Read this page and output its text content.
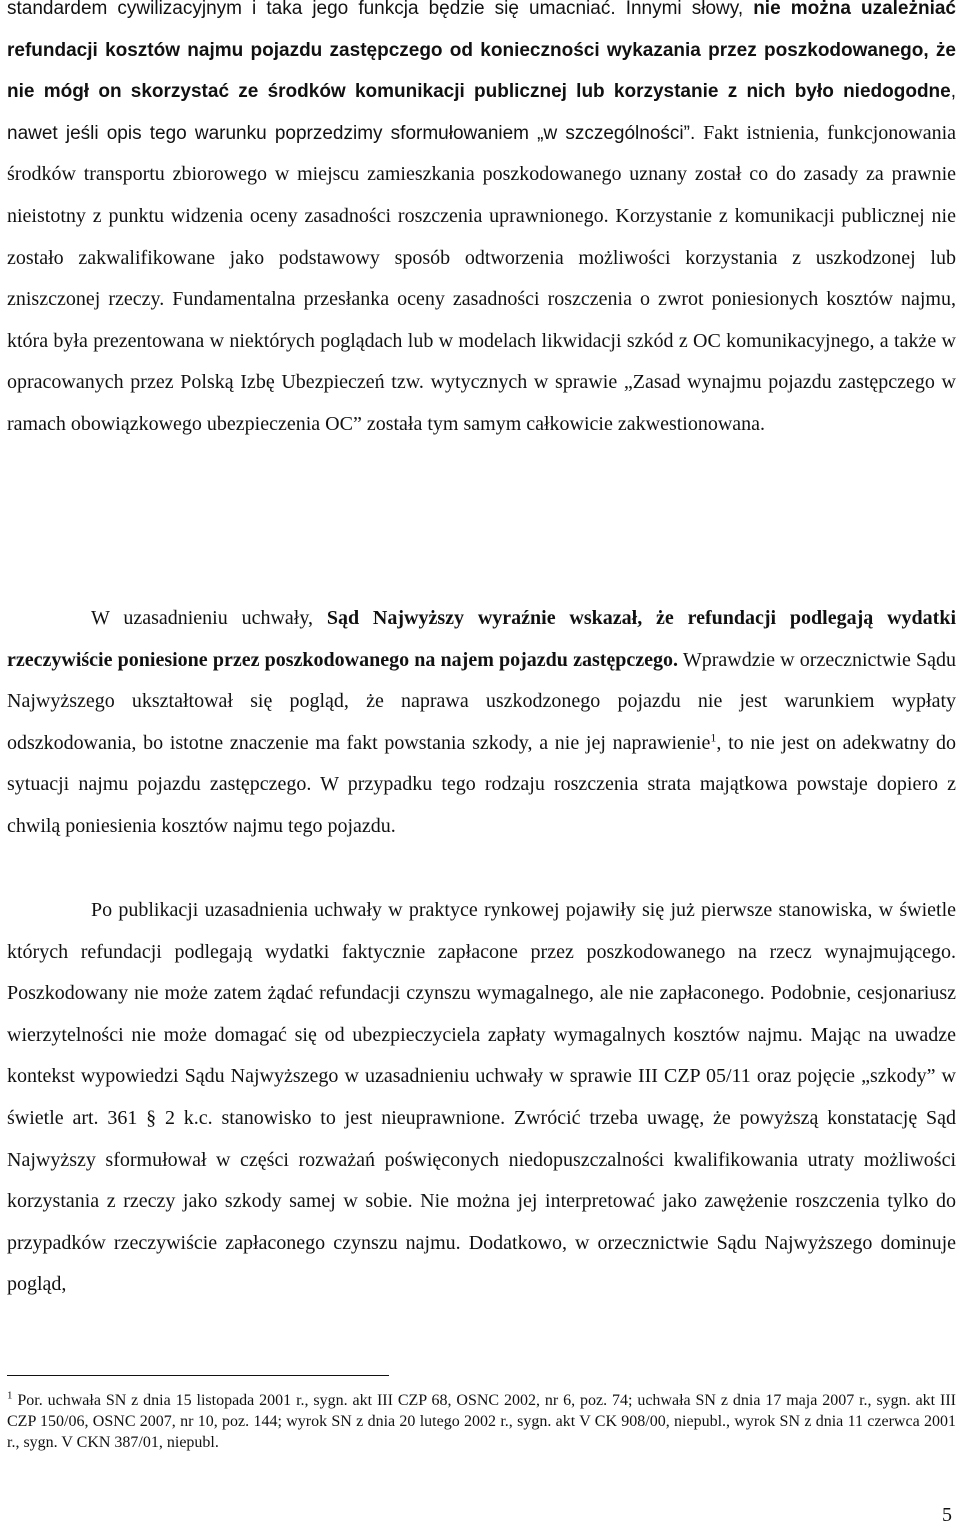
standardem cywilizacyjnym i taka jego funkcja będzie się umacniać. Innymi słowy, nie można uzależniać refundacji kosztów najmu pojazdu zastępczego od konieczności wykazania przez poszkodowanego, że nie mógł on skorzystać ze środków komunikacji publicznej lub korzystanie z nich było niedogodne, nawet jeśli opis tego warunku poprzedzimy sformułowaniem „w szczególności”. Fakt istnienia, funkcjonowania środków transportu zbiorowego w miejscu zamieszkania poszkodowanego uznany został co do zasady za prawnie nieistotny z punktu widzenia oceny zasadności roszczenia uprawnionego. Korzystanie z komunikacji publicznej nie zostało zakwalifikowane jako podstawowy sposób odtworzenia możliwości korzystania z uszkodzonej lub zniszczonej rzeczy. Fundamentalna przesłanka oceny zasadności roszczenia o zwrot poniesionych kosztów najmu, która była prezentowana w niektórych poglądach lub w modelach likwidacji szkód z OC komunikacyjnego, a także w opracowanych przez Polską Izbę Ubezpieczeń tzw. wytycznych w sprawie „Zasad wynajmu pojazdu zastępczego w ramach obowiązkowego ubezpieczenia OC” została tym samym całkowicie zakwestionowana.

W uzasadnieniu uchwały, Sąd Najwyższy wyraźnie wskazał, że refundacji podlegają wydatki rzeczywiście poniesione przez poszkodowanego na najem pojazdu zastępczego. Wprawdzie w orzecznictwie Sądu Najwyższego ukształtował się pogląd, że naprawa uszkodzonego pojazdu nie jest warunkiem wypłaty odszkodowania, bo istotne znaczenie ma fakt powstania szkody, a nie jej naprawienie$^1$, to nie jest on adekwatny do sytuacji najmu pojazdu zastępczego. W przypadku tego rodzaju roszczenia strata majątkowa powstaje dopiero z chwilą poniesienia kosztów najmu tego pojazdu.

Po publikacji uzasadnienia uchwały w praktyce rynkowej pojawiły się już pierwsze stanowiska, w świetle których refundacji podlegają wydatki faktycznie zapłacone przez poszkodowanego na rzecz wynajmującego. Poszkodowany nie może zatem żądać refundacji czynszu wymagalnego, ale nie zapłaconego. Podobnie, cesjonariusz wierzytelności nie może domagać się od ubezpieczyciela zapłaty wymagalnych kosztów najmu. Mając na uwadze kontekst wypowiedzi Sądu Najwyższego w uzasadnieniu uchwały w sprawie III CZP 05/11 oraz pojęcie „szkody” w świetle art. 361 § 2 k.c. stanowisko to jest nieuprawnione. Zwrócić trzeba uwagę, że powyższą konstatację Sąd Najwyższy sformułował w części rozważań poświęconych niedopuszczalności kwalifikowania utraty możliwości korzystania z rzeczy jako szkody samej w sobie. Nie można jej interpretować jako zawężenie roszczenia tylko do przypadków rzeczywiście zapłaconego czynszu najmu. Dodatkowo, w orzecznictwie Sądu Najwyższego dominuje pogląd,

$^1$ Por. uchwała SN z dnia 15 listopada 2001 r., sygn. akt III CZP 68, OSNC 2002, nr 6, poz. 74; uchwała SN z dnia 17 maja 2007 r., sygn. akt III CZP 150/06, OSNC 2007, nr 10, poz. 144; wyrok SN z dnia 20 lutego 2002 r., sygn. akt V CK 908/00, niepubl., wyrok SN z dnia 11 czerwca 2001 r., sygn. V CKN 387/01, niepubl.

5
